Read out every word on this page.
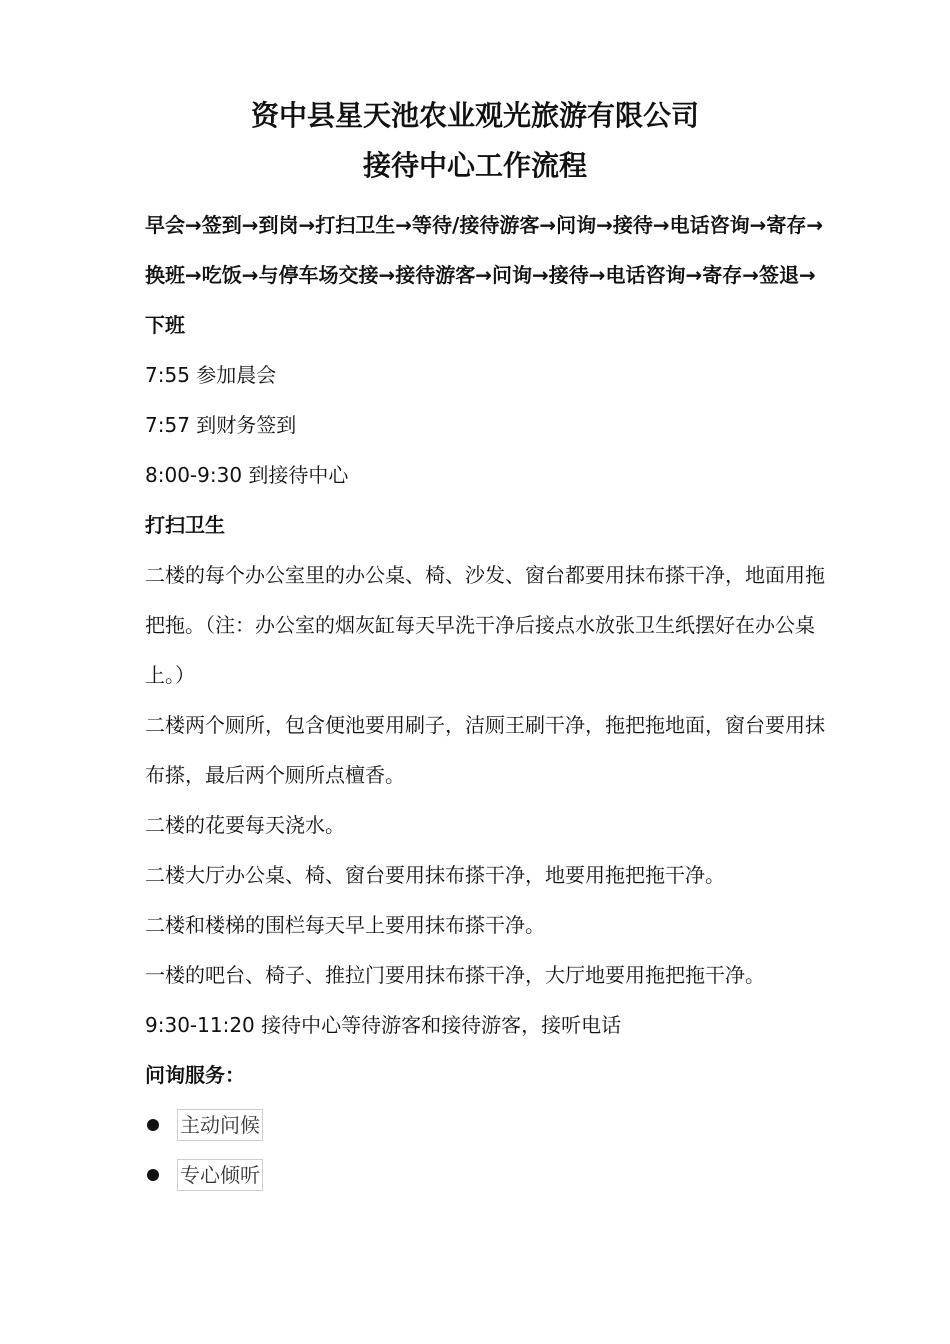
资中县星天池农业观光旅游有限公司
接待中心工作流程

早会→签到→到岗→打扫卫生→等待/接待游客→问询→接待→电话咨询→寄存→换班→吃饭→与停车场交接→接待游客→问询→接待→电话咨询→寄存→签退→下班

7:55 参加晨会

7:57 到财务签到

8:00-9:30 到接待中心

打扫卫生

二楼的每个办公室里的办公桌、椅、沙发、窗台都要用抹布搽干净，地面用拖把拖。（注：办公室的烟灰缸每天早洗干净后接点水放张卫生纸摆好在办公桌上。）

二楼两个厕所，包含便池要用刷子，洁厕王刷干净，拖把拖地面，窗台要用抹布搽，最后两个厕所点檀香。

二楼的花要每天浇水。

二楼大厅办公桌、椅、窗台要用抹布搽干净，地要用拖把拖干净。

二楼和楼梯的围栏每天早上要用抹布搽干净。

一楼的吧台、椅子、推拉门要用抹布搽干净，大厅地要用拖把拖干净。

9:30-11:20 接待中心等待游客和接待游客，接听电话

问询服务：

主动问候
专心倾听
